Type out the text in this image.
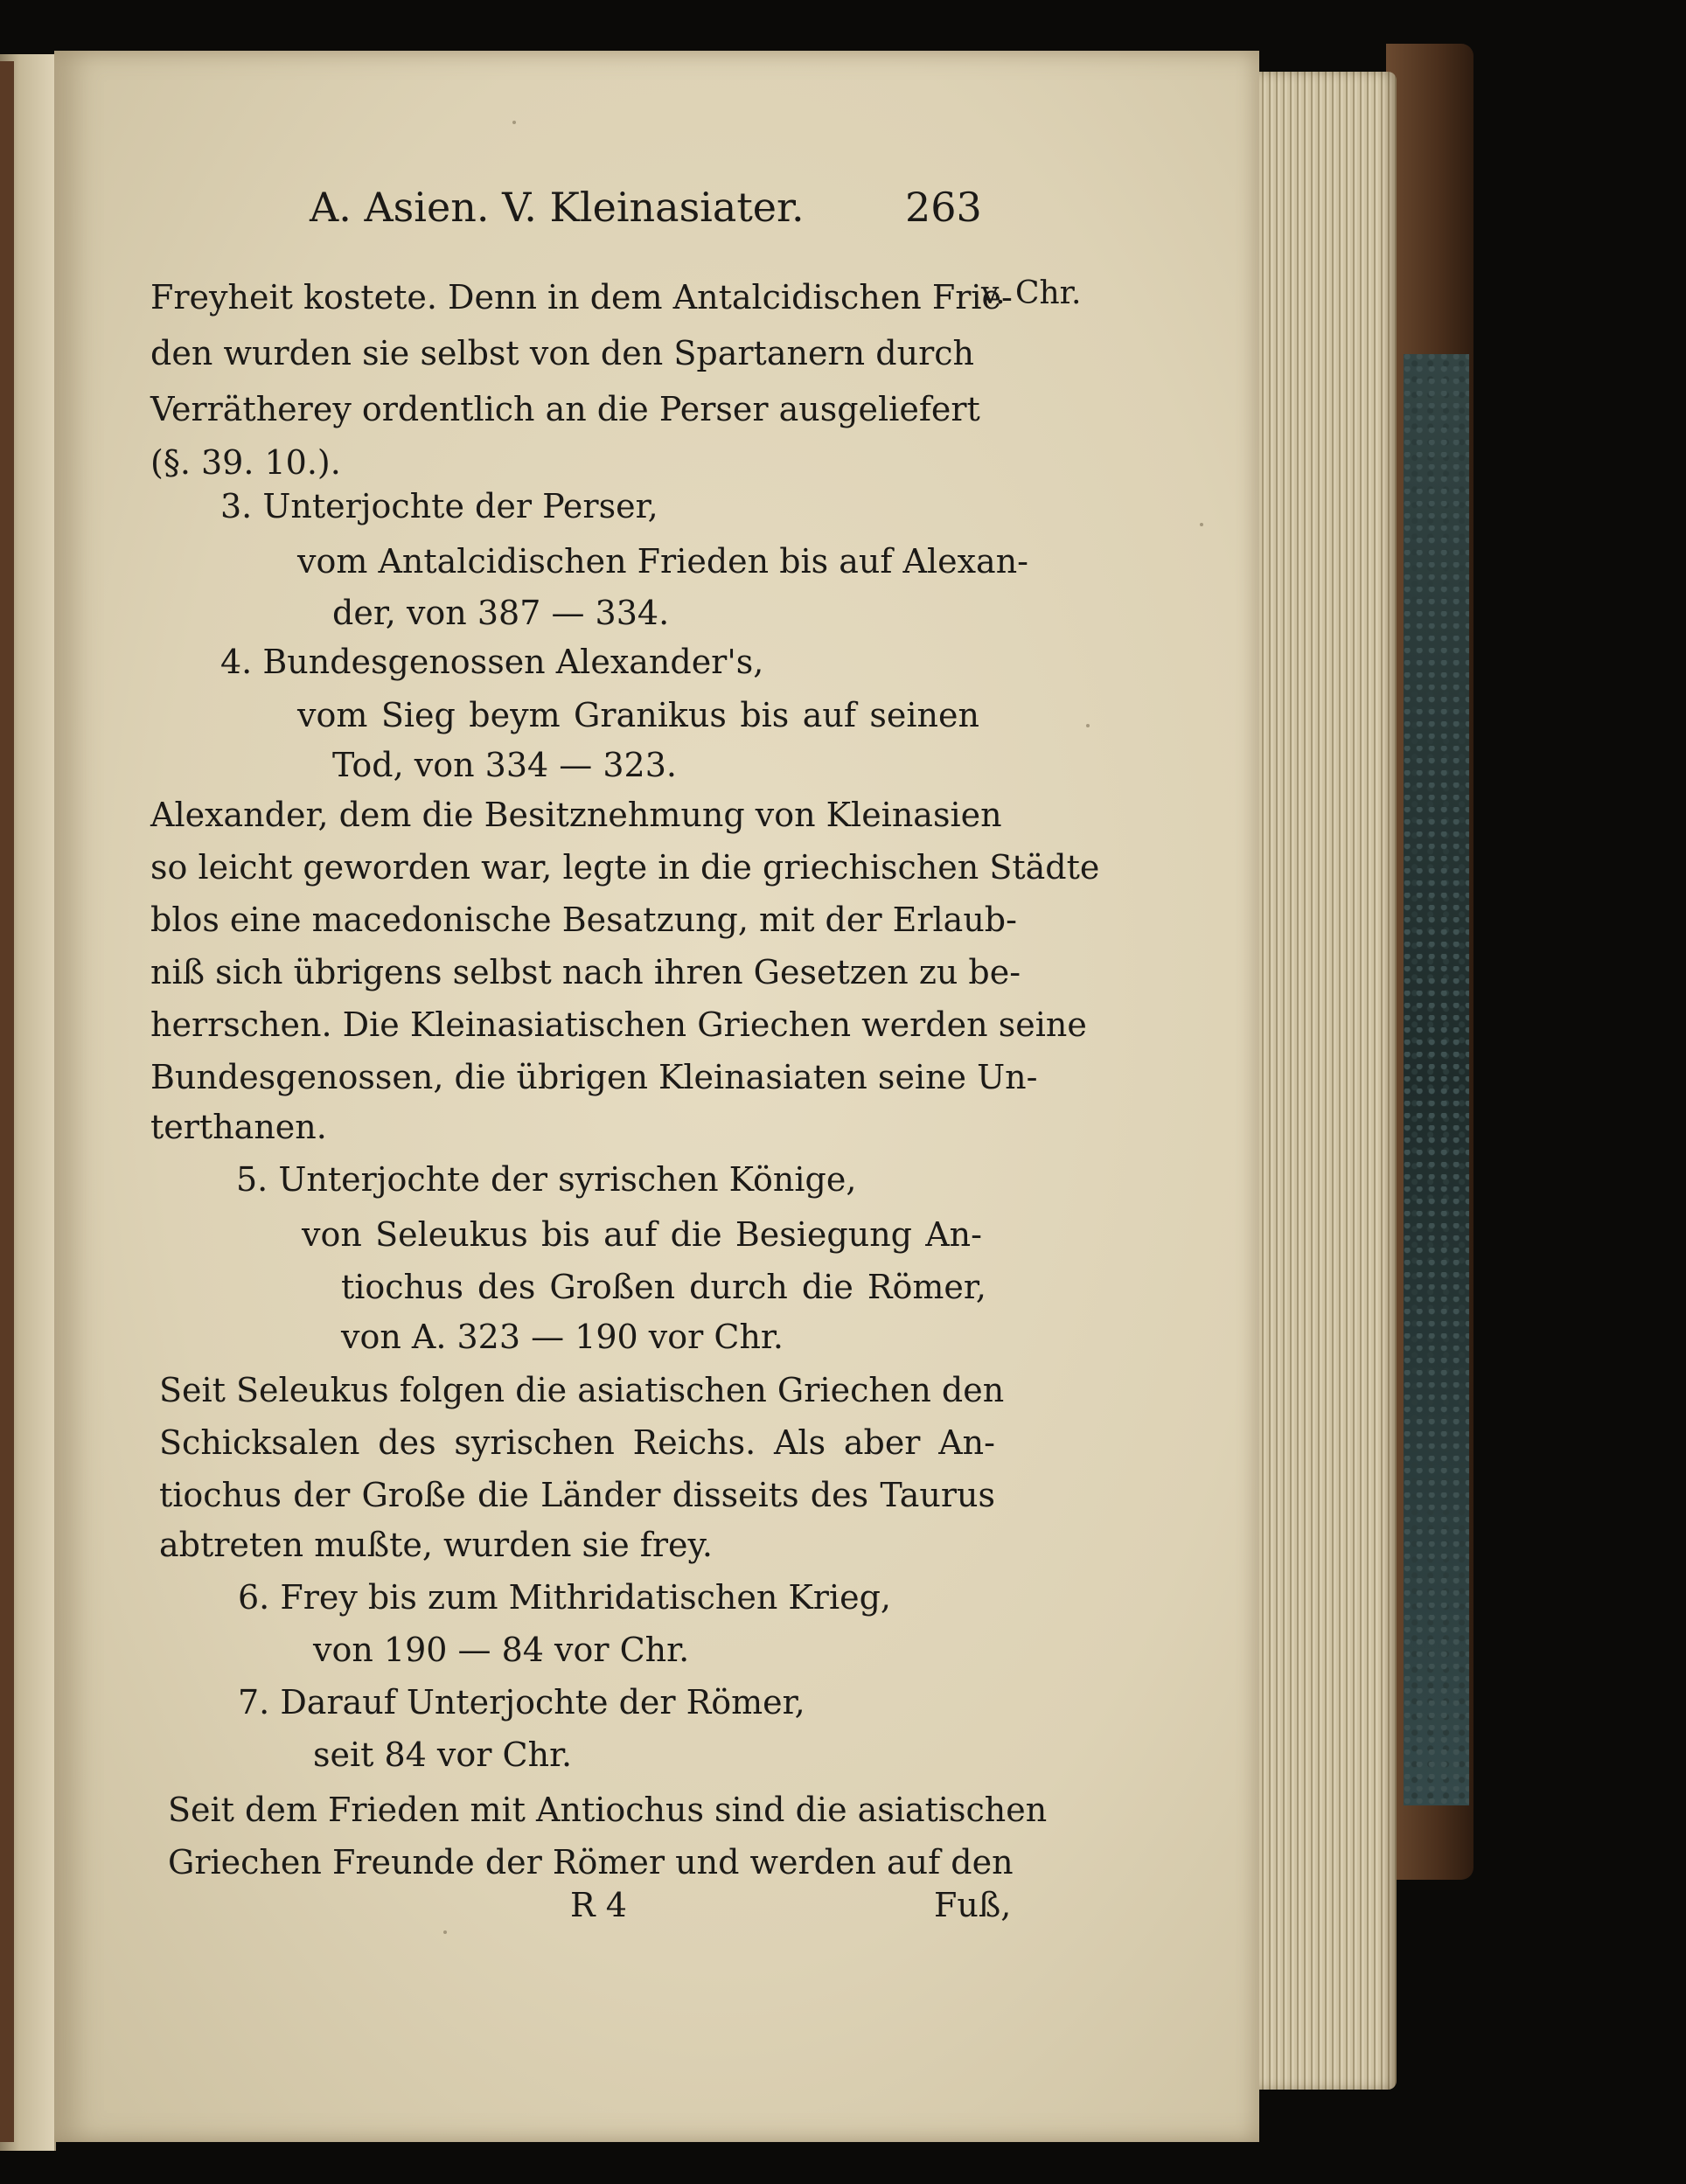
A. Asien. V. Kleinasiater.	263
v. Chr.
Freyheit kostete. Denn in dem Antalcidischen Frie-
den wurden sie selbst von den Spartanern durch
Verrätherey ordentlich an die Perser ausgeliefert
(§. 39. 10.).
3. Unterjochte der Perser,
vom Antalcidischen Frieden bis auf Alexan-
der, von 387 — 334.
4. Bundesgenossen Alexander's,
vom Sieg beym Granikus bis auf seinen
Tod, von 334 — 323.
Alexander, dem die Besitznehmung von Kleinasien
so leicht geworden war, legte in die griechischen Städte
blos eine macedonische Besatzung, mit der Erlaub-
niß sich übrigens selbst nach ihren Gesetzen zu be-
herrschen. Die Kleinasiatischen Griechen werden seine
Bundesgenossen, die übrigen Kleinasiaten seine Un-
terthanen.
5. Unterjochte der syrischen Könige,
von Seleukus bis auf die Besiegung An-
tiochus des Großen durch die Römer,
von A. 323 — 190 vor Chr.
Seit Seleukus folgen die asiatischen Griechen den
Schicksalen des syrischen Reichs. Als aber An-
tiochus der Große die Länder disseits des Taurus
abtreten mußte, wurden sie frey.
6. Frey bis zum Mithridatischen Krieg,
von 190 — 84 vor Chr.
7. Darauf Unterjochte der Römer,
seit 84 vor Chr.
Seit dem Frieden mit Antiochus sind die asiatischen
Griechen Freunde der Römer und werden auf den
R 4	Fuß,
